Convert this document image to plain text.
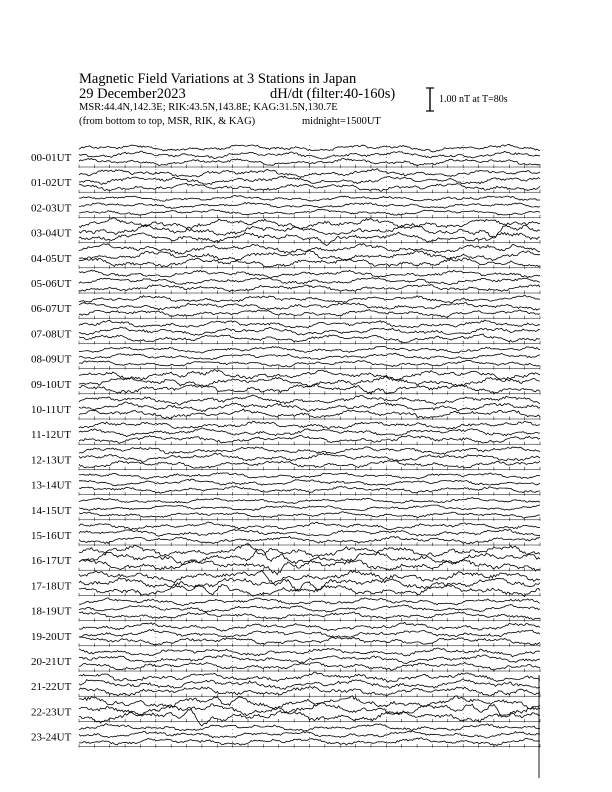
Magnetic Field Variations at 3 Stations in Japan
29 December2023	dH/dt (filter:40-160s)
MSR:44.4N,142.3E; RIK:43.5N,143.8E; KAG:31.5N,130.7E
(from bottom to top, MSR, RIK, & KAG)	midnight=1500UT
1.00 nT at T=80s
00-01UT
01-02UT
02-03UT
03-04UT
04-05UT
05-06UT
06-07UT
07-08UT
08-09UT
09-10UT
10-11UT
11-12UT
12-13UT
13-14UT
14-15UT
15-16UT
16-17UT
17-18UT
18-19UT
19-20UT
20-21UT
21-22UT
22-23UT
23-24UT
